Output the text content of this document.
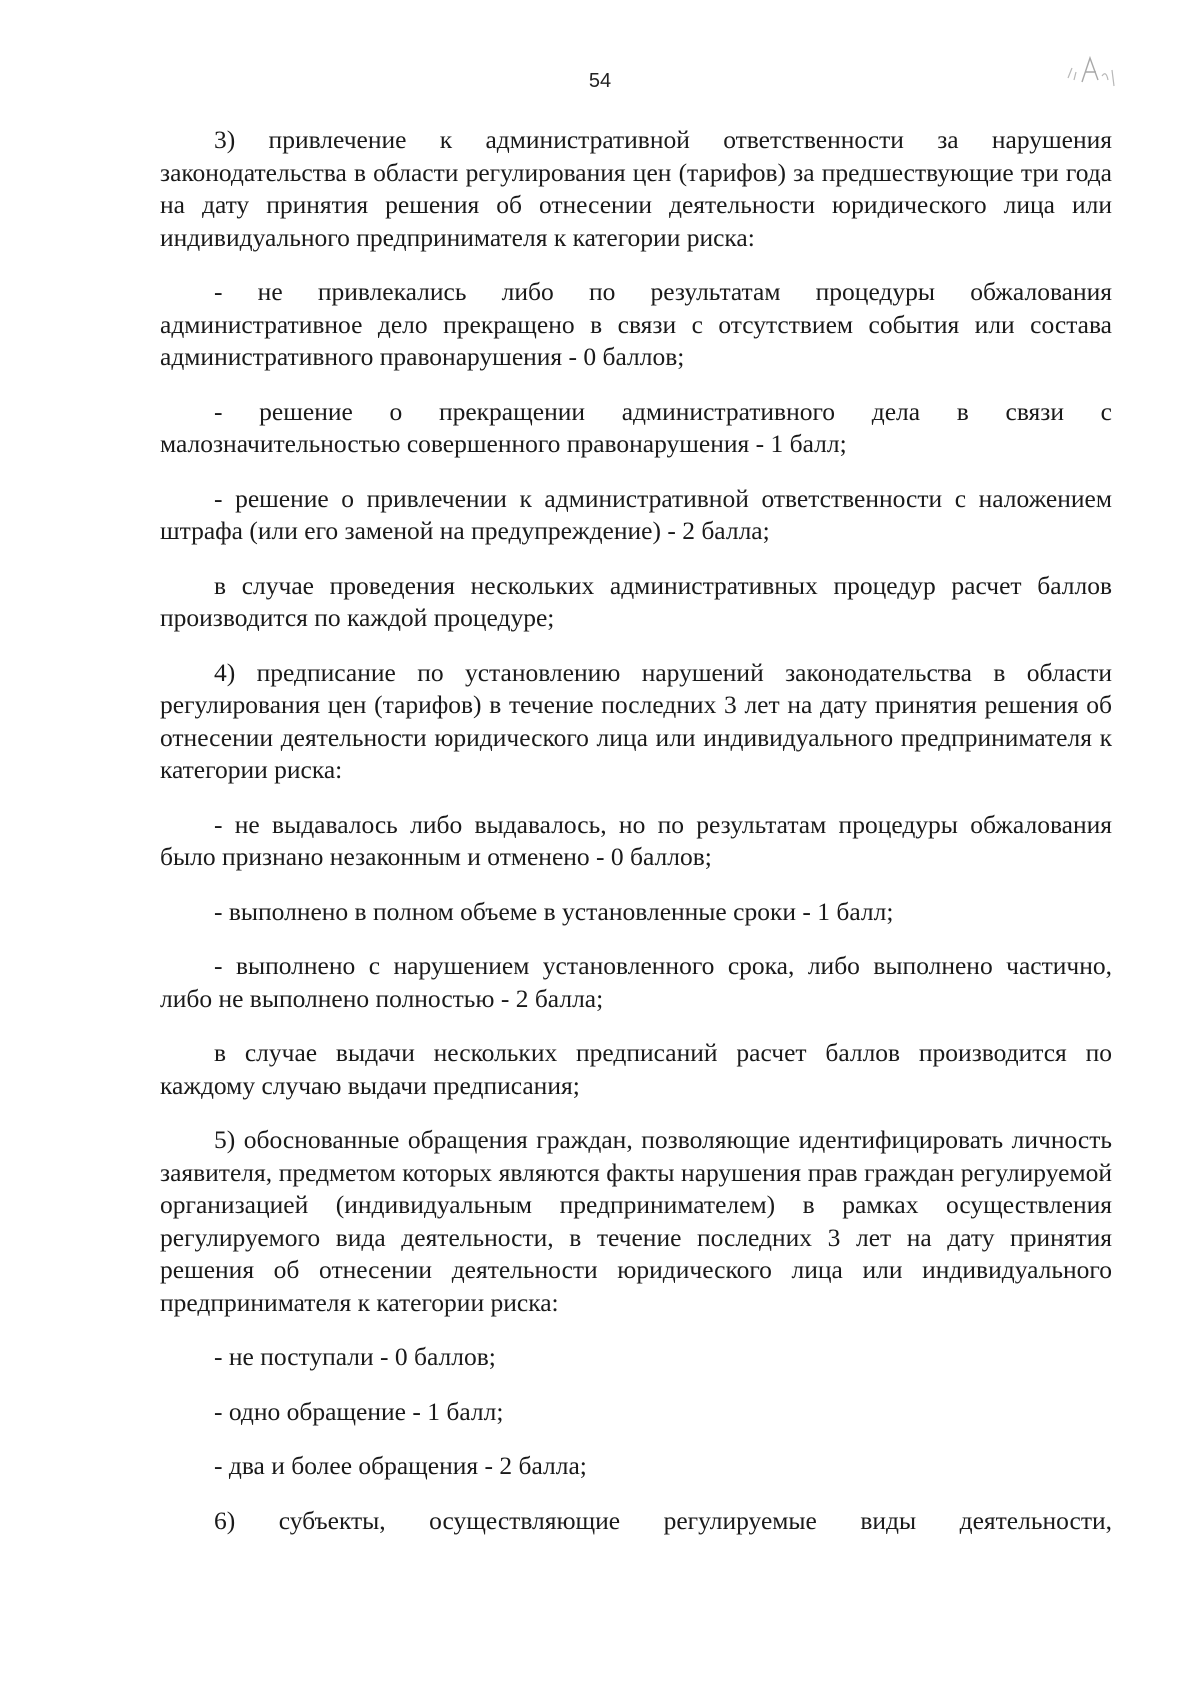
54

3) привлечение к административной ответственности за нарушения законодательства в области регулирования цен (тарифов) за предшествующие три года на дату принятия решения об отнесении деятельности юридического лица или индивидуального предпринимателя к категории риска:

- не привлекались либо по результатам процедуры обжалования административное дело прекращено в связи с отсутствием события или состава административного правонарушения - 0 баллов;

- решение о прекращении административного дела в связи с малозначительностью совершенного правонарушения - 1 балл;

- решение о привлечении к административной ответственности с наложением штрафа (или его заменой на предупреждение) - 2 балла;

в случае проведения нескольких административных процедур расчет баллов производится по каждой процедуре;

4) предписание по установлению нарушений законодательства в области регулирования цен (тарифов) в течение последних 3 лет на дату принятия решения об отнесении деятельности юридического лица или индивидуального предпринимателя к категории риска:

- не выдавалось либо выдавалось, но по результатам процедуры обжалования было признано незаконным и отменено - 0 баллов;

- выполнено в полном объеме в установленные сроки - 1 балл;

- выполнено с нарушением установленного срока, либо выполнено частично, либо не выполнено полностью - 2 балла;

в случае выдачи нескольких предписаний расчет баллов производится по каждому случаю выдачи предписания;

5) обоснованные обращения граждан, позволяющие идентифицировать личность заявителя, предметом которых являются факты нарушения прав граждан регулируемой организацией (индивидуальным предпринимателем) в рамках осуществления регулируемого вида деятельности, в течение последних 3 лет на дату принятия решения об отнесении деятельности юридического лица или индивидуального предпринимателя к категории риска:

- не поступали - 0 баллов;

- одно обращение - 1 балл;

- два и более обращения - 2 балла;

6) субъекты, осуществляющие регулируемые виды деятельности,
